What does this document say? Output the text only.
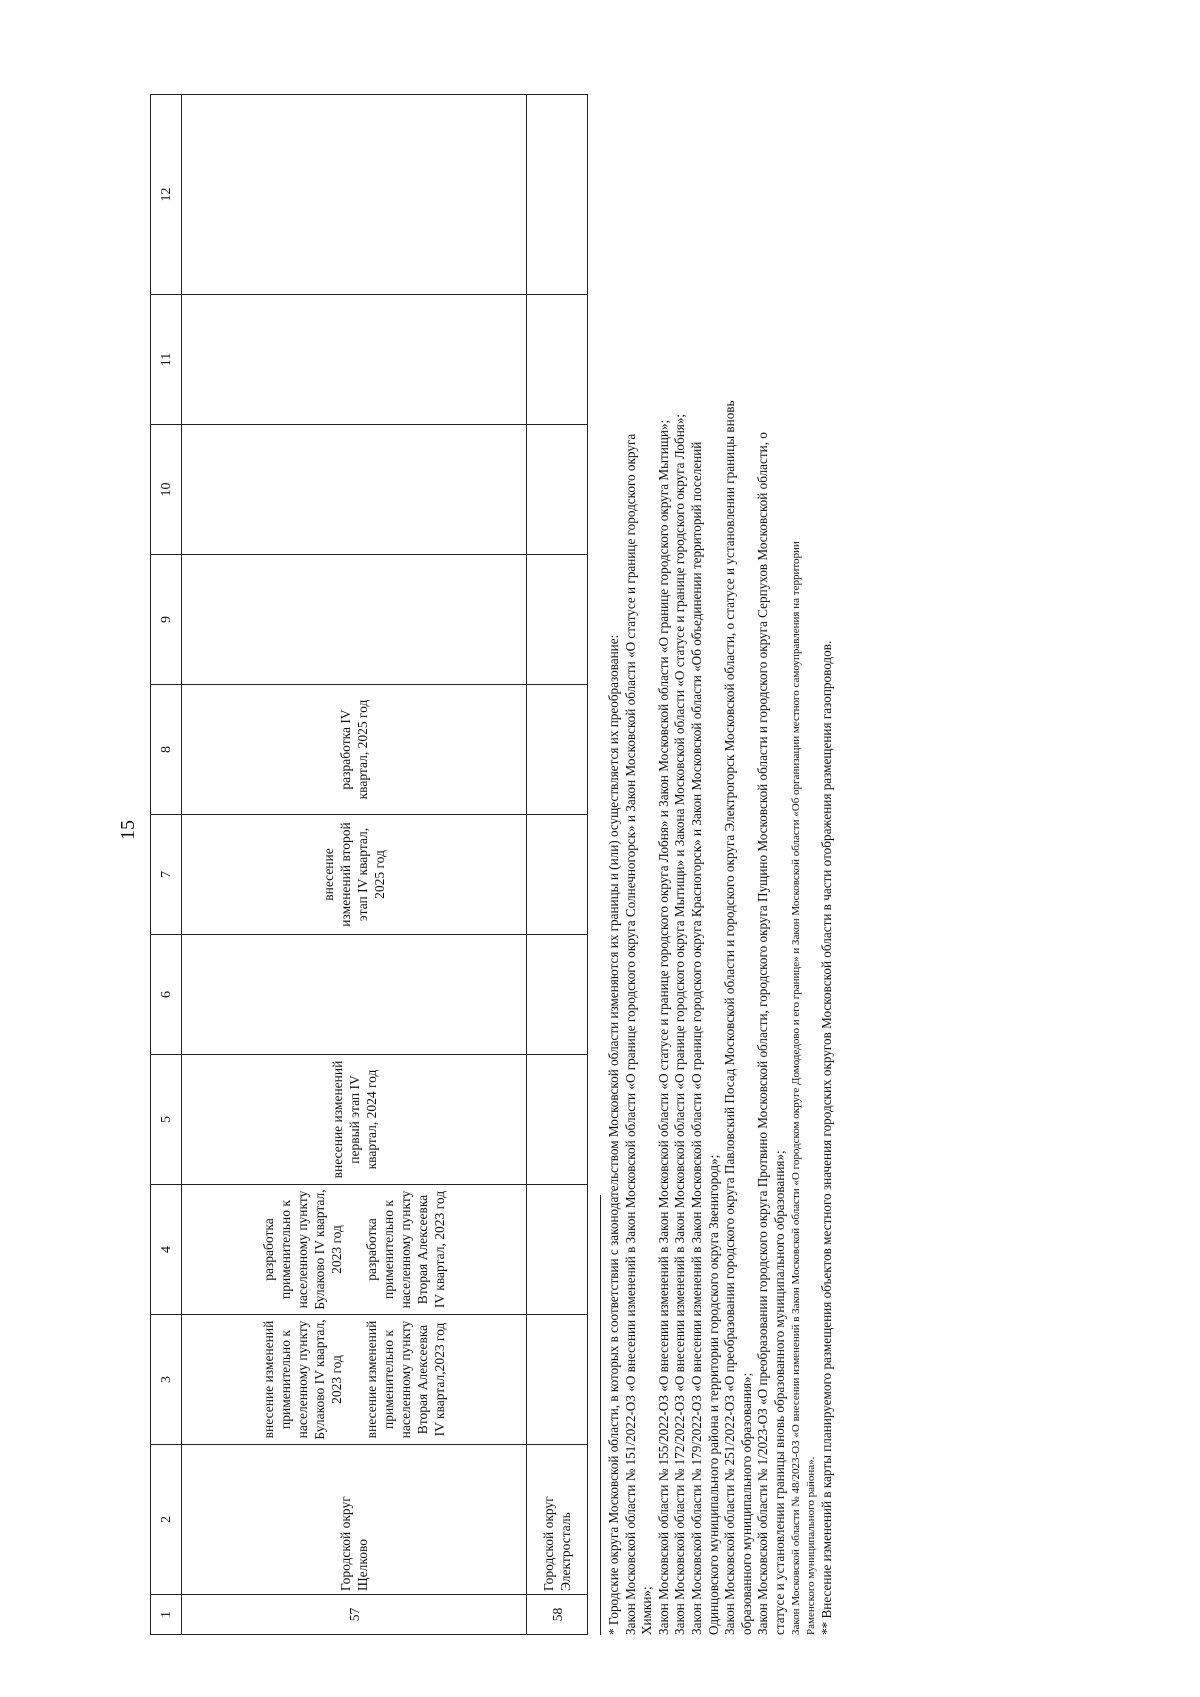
15
1	2	3	4	5	6	7	8	9	10	11	12
57	Городской округ Щелково	внесение изменений применительно к населенному пункту Булаково IV квартал, 2023 год внесение изменений применительно к населенному пункту Вторая Алексеевка IV квартал,2023 год	разработка применительно к населенному пункту Булаково IV квартал, 2023 год разработка применительно к населенному пункту Вторая Алексеевка IV квартал, 2023 год	внесение изменений первый этап IV квартал, 2024 год		внесение изменений второй этап IV квартал, 2025 год	разработка IV квартал, 2025 год				
58	Городской округ Электросталь											* Городские округа Московской области, в которых в соответствии с законодательством Московской области изменяются их границы и (или) осуществляется их преобразование: Закон Московской области № 151/2022-ОЗ «О внесении изменений в Закон Московской области «О границе городского округа Солнечногорск» и Закон Московской области «О статусе и границе городского округа Химки»; Закон Московской области № 155/2022-ОЗ «О внесении изменений в Закон Московской области «О статусе и границе городского округа Лобня» и Закон Московской области «О границе городского округа Мытищи»; Закон Московской области № 172/2022-ОЗ «О внесении изменений в Закон Московской области «О границе городского округа Мытищи» и Закона Московской области «О статусе и границе городского округа Лобня»; Закон Московской области № 179/2022-ОЗ «О внесении изменений в Закон Московской области «О границе городского округа Красногорск» и Закон Московской области «Об объединении территорий поселений Одинцовского муниципального района и территории городского округа Звенигород»; Закон Московской области № 251/2022-ОЗ «О преобразовании городского округа Павловский Посад Московской области и городского округа Электрогорск Московской области, о статусе и установлении границы вновь образованного муниципального образования»; Закон Московской области № 1/2023-ОЗ «О преобразовании городского округа Протвино Московской области, городского округа Пущино Московской области и городского округа Серпухов Московской области, о статусе и установлении границы вновь образованного муниципального образования»; Закон Московской области № 48/2023-ОЗ «О внесении изменений в Закон Московской области «О городском округе Домодедово и его границе» и Закон Московской области «Об организации местного самоуправления на территории Раменского муниципального района». ** Внесение изменений в карты планируемого размещения объектов местного значения городских округов Московской области в части отображения размещения газопроводов.
